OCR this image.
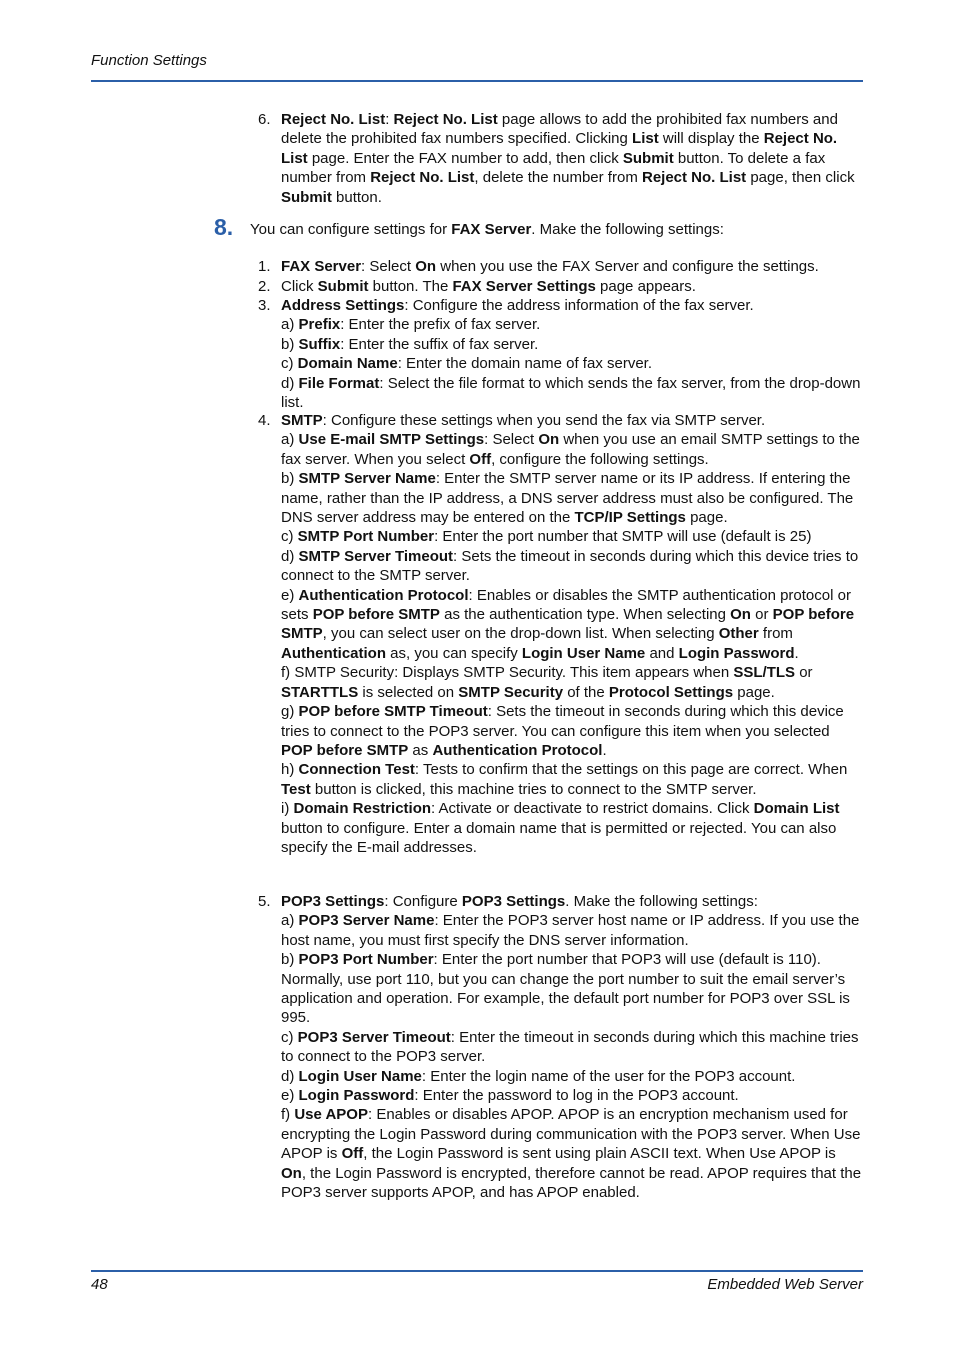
Function Settings
6. Reject No. List: Reject No. List page allows to add the prohibited fax numbers and delete the prohibited fax numbers specified. Clicking List will display the Reject No. List page. Enter the FAX number to add, then click Submit button. To delete a fax number from Reject No. List, delete the number from Reject No. List page, then click Submit button.
8. You can configure settings for FAX Server. Make the following settings:
1. FAX Server: Select On when you use the FAX Server and configure the settings.
2. Click Submit button. The FAX Server Settings page appears.
3. Address Settings: Configure the address information of the fax server.
a) Prefix: Enter the prefix of fax server.
b) Suffix: Enter the suffix of fax server.
c) Domain Name: Enter the domain name of fax server.
d) File Format: Select the file format to which sends the fax server, from the drop-down list.
4. SMTP: Configure these settings when you send the fax via SMTP server.
a) Use E-mail SMTP Settings: Select On when you use an email SMTP settings to the fax server. When you select Off, configure the following settings.
b) SMTP Server Name: Enter the SMTP server name or its IP address. If entering the name, rather than the IP address, a DNS server address must also be configured. The DNS server address may be entered on the TCP/IP Settings page.
c) SMTP Port Number: Enter the port number that SMTP will use (default is 25)
d) SMTP Server Timeout: Sets the timeout in seconds during which this device tries to connect to the SMTP server.
e) Authentication Protocol: Enables or disables the SMTP authentication protocol or sets POP before SMTP as the authentication type. When selecting On or POP before SMTP, you can select user on the drop-down list. When selecting Other from Authentication as, you can specify Login User Name and Login Password.
f) SMTP Security: Displays SMTP Security. This item appears when SSL/TLS or STARTTLS is selected on SMTP Security of the Protocol Settings page.
g) POP before SMTP Timeout: Sets the timeout in seconds during which this device tries to connect to the POP3 server. You can configure this item when you selected POP before SMTP as Authentication Protocol.
h) Connection Test: Tests to confirm that the settings on this page are correct. When Test button is clicked, this machine tries to connect to the SMTP server.
i) Domain Restriction: Activate or deactivate to restrict domains. Click Domain List button to configure. Enter a domain name that is permitted or rejected. You can also specify the E-mail addresses.
5. POP3 Settings: Configure POP3 Settings. Make the following settings:
a) POP3 Server Name: Enter the POP3 server host name or IP address. If you use the host name, you must first specify the DNS server information.
b) POP3 Port Number: Enter the port number that POP3 will use (default is 110). Normally, use port 110, but you can change the port number to suit the email server’s application and operation. For example, the default port number for POP3 over SSL is 995.
c) POP3 Server Timeout: Enter the timeout in seconds during which this machine tries to connect to the POP3 server.
d) Login User Name: Enter the login name of the user for the POP3 account.
e) Login Password: Enter the password to log in the POP3 account.
f) Use APOP: Enables or disables APOP. APOP is an encryption mechanism used for encrypting the Login Password during communication with the POP3 server. When Use APOP is Off, the Login Password is sent using plain ASCII text. When Use APOP is On, the Login Password is encrypted, therefore cannot be read. APOP requires that the POP3 server supports APOP, and has APOP enabled.
48	Embedded Web Server
